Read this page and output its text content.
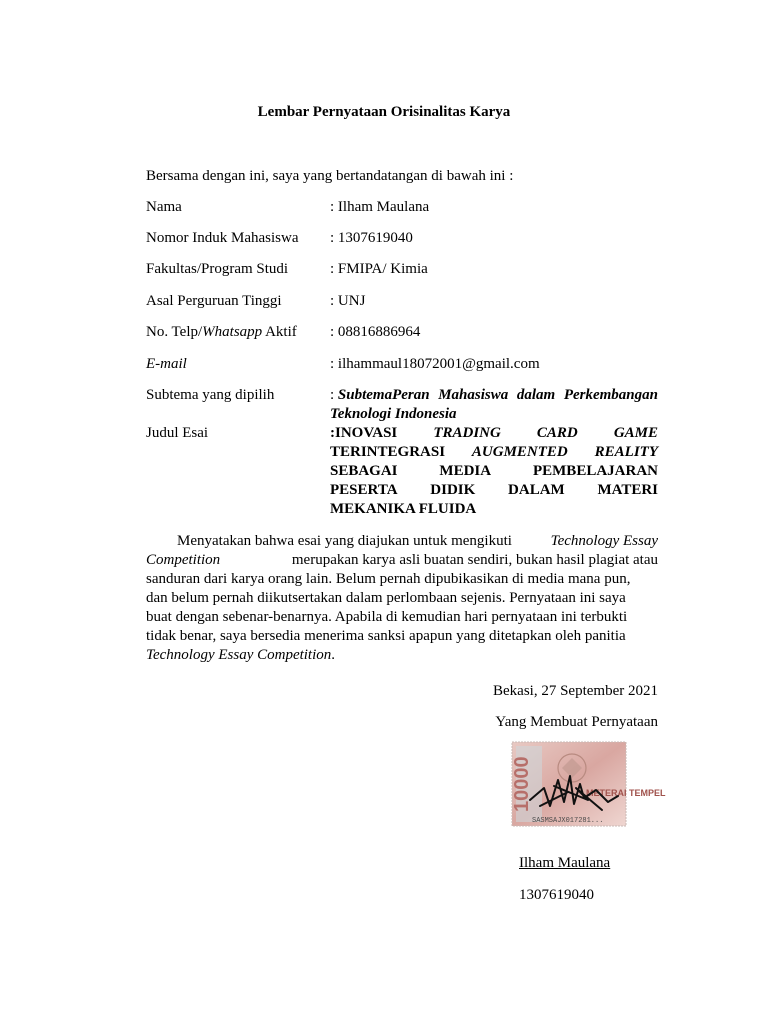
Lembar Pernyataan Orisinalitas Karya
Bersama dengan ini, saya yang bertandatangan di bawah ini :
Nama	: Ilham Maulana
Nomor Induk Mahasiswa : 1307619040
Fakultas/Program Studi	: FMIPA/ Kimia
Asal Perguruan Tinggi	: UNJ
No. Telp/Whatsapp Aktif : 08816886964
E-mail	: ilhammaul18072001@gmail.com
Subtema yang dipilih	: SubtemaPeran Mahasiswa dalam Perkembangan
Teknologi Indonesia
Judul Esai	:INOVASI TRADING CARD GAME
TERINTEGRASI AUGMENTED REALITY
SEBAGAI	MEDIA	PEMBELAJARAN
PESERTA DIDIK DALAM MATERI
MEKANIKA FLUIDA
Menyatakan bahwa esai yang diajukan untuk mengikuti	Technology Essay
Competition	merupakan karya asli buatan sendiri, bukan hasil plagiat atau
sanduran dari karya orang lain. Belum pernah dipubikasikan di media mana pun,
dan belum pernah diikutsertakan dalam perlombaan sejenis. Pernyataan ini saya
buat dengan sebenar-benarnya. Apabila di kemudian hari pernyataan ini terbukti
tidak benar, saya bersedia menerima sanksi apapun yang ditetapkan oleh panitia
Technology Essay Competition .
Bekasi, 27 September 2021
Yang Membuat Pernyataan
10000	METERAI TEMPEL
SASMSAJX017281...
Ilham Maulana
1307619040
